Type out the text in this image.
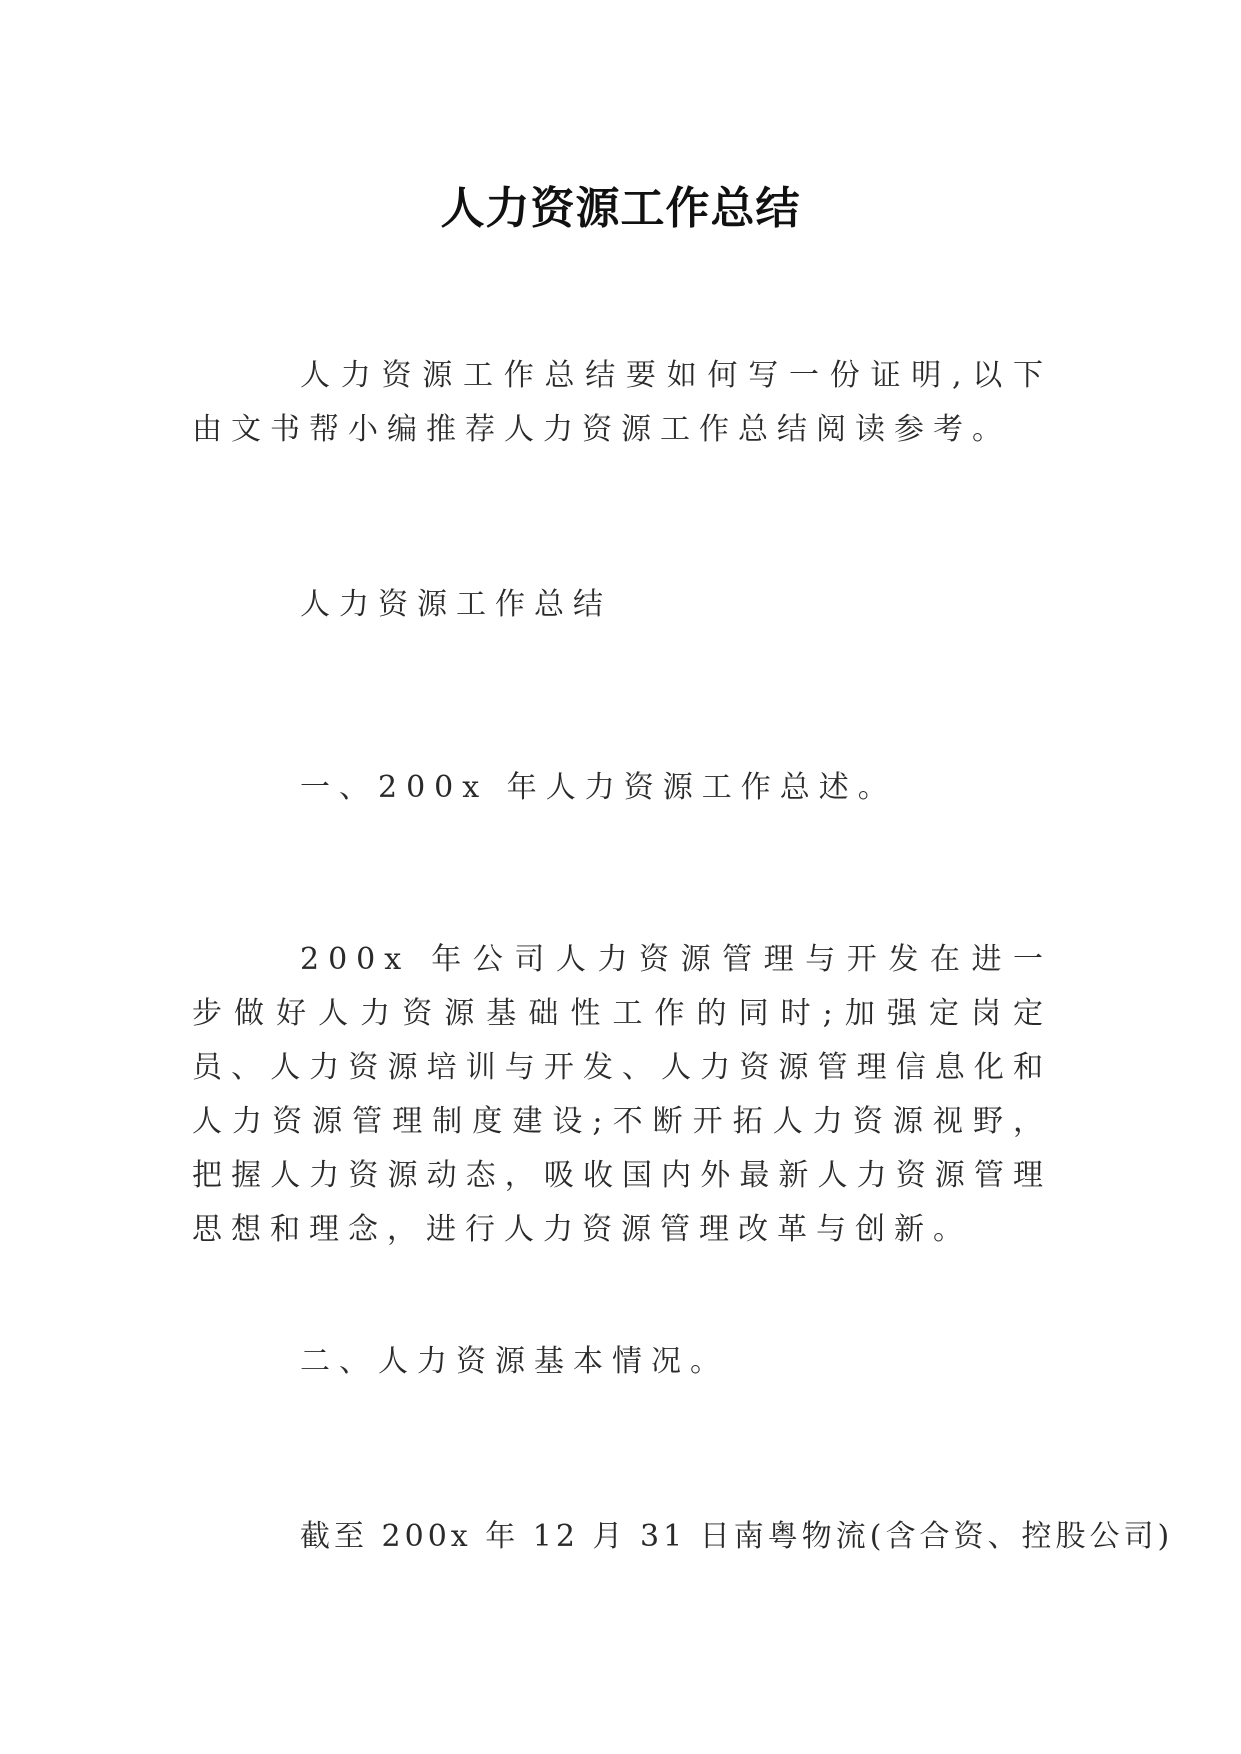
人力资源工作总结

人力资源工作总结要如何写一份证明,以下由文书帮小编推荐人力资源工作总结阅读参考。

人力资源工作总结

一、200x 年人力资源工作总述。

200x 年公司人力资源管理与开发在进一步做好人力资源基础性工作的同时;加强定岗定员、人力资源培训与开发、人力资源管理信息化和人力资源管理制度建设;不断开拓人力资源视野，把握人力资源动态，吸收国内外最新人力资源管理思想和理念，进行人力资源管理改革与创新。

二、人力资源基本情况。

截至 200x 年 12 月 31 日南粤物流(含合资、控股公司)
